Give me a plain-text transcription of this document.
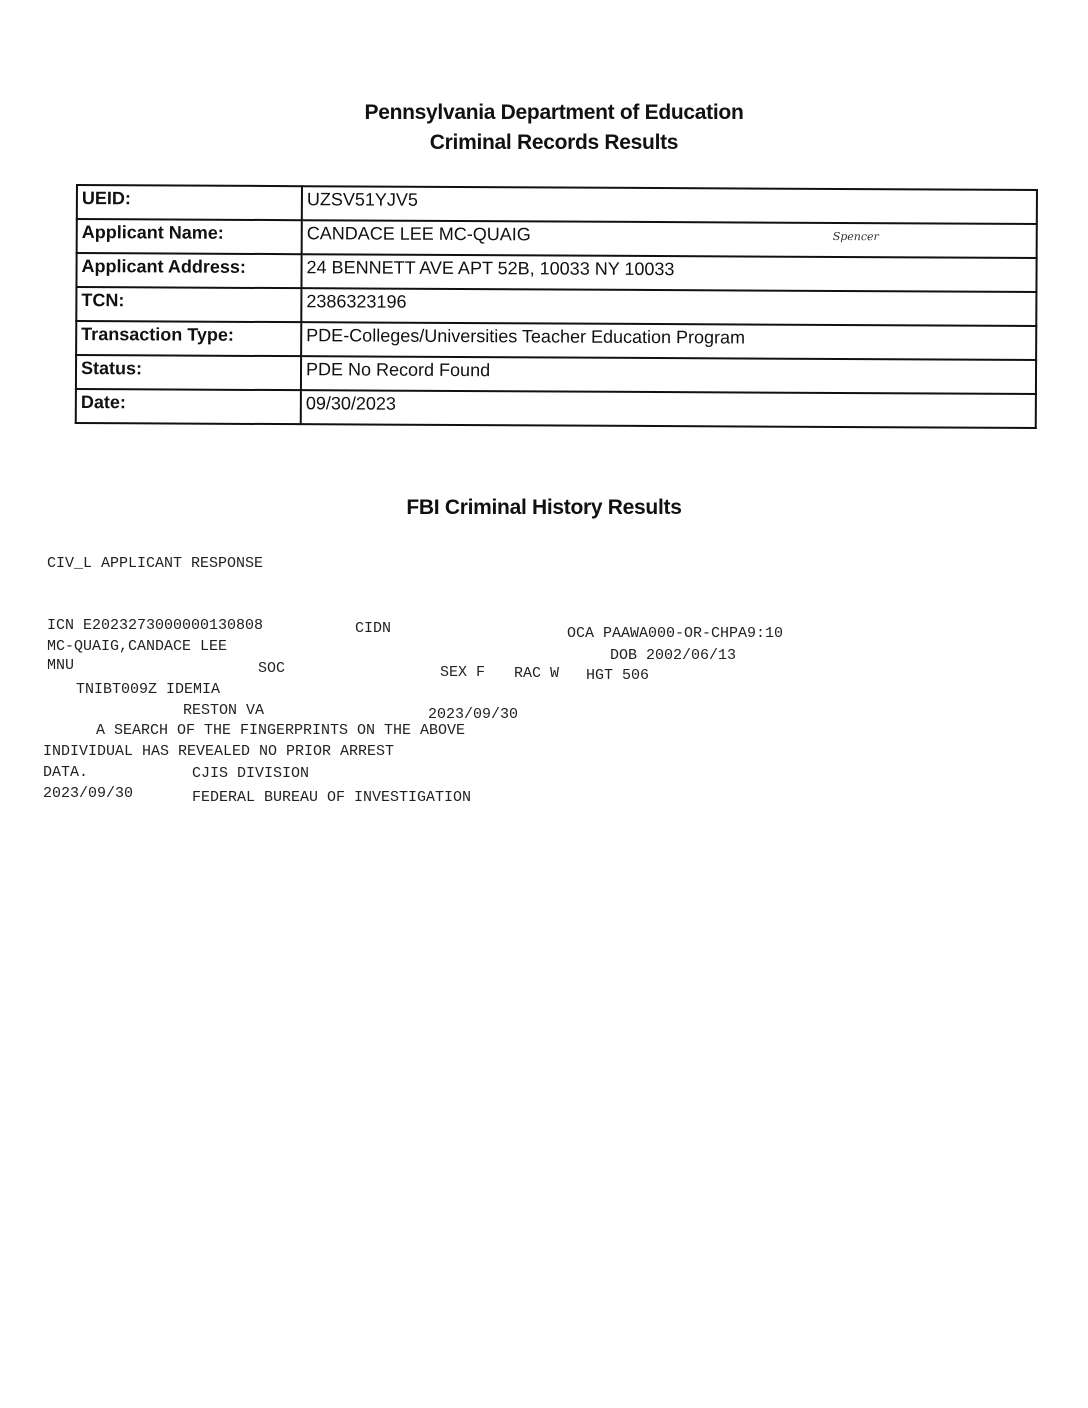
Pennsylvania Department of Education
Criminal Records Results
UEID:	UZSV51YJV5
Applicant Name:	CANDACE LEE MC-QUAIG Spencer

Applicant Address:	24 BENNETT AVE APT 52B, 10033 NY 10033
TCN:	2386323196
Transaction Type:	PDE-Colleges/Universities Teacher Education Program
Status:	PDE No Record Found
Date:	09/30/2023
FBI Criminal History Results
CIV_L APPLICANT RESPONSE
ICN E2023273000000130808	CIDN	OCA PAAWA000-OR-CHPA9:10
MC-QUAIG,CANDACE LEE
DOB 2002/06/13
MNU	SOC	SEX F RAC W HGT 506
TNIBT009Z IDEMIA
RESTON VA	2023/09/30
A SEARCH OF THE FINGERPRINTS ON THE ABOVE
INDIVIDUAL HAS REVEALED NO PRIOR ARREST
DATA.	CJIS DIVISION
2023/09/30	FEDERAL BUREAU OF INVESTIGATION
